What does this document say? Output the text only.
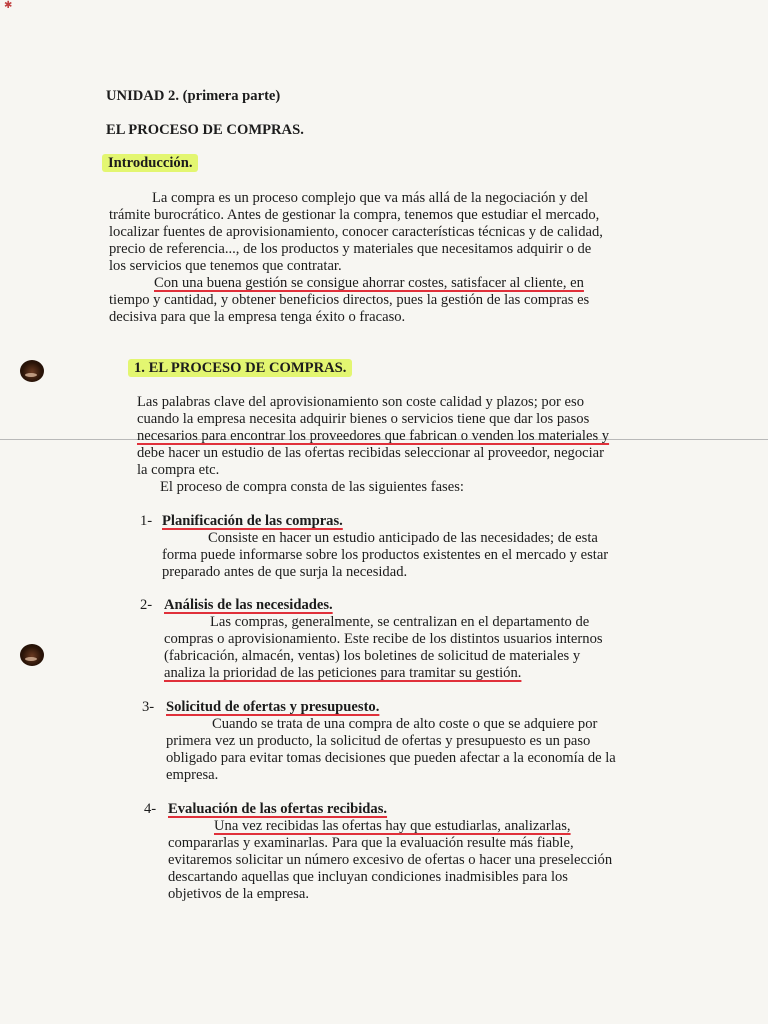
✱

UNIDAD 2. (primera parte)

EL PROCESO DE COMPRAS.

Introducción.

La compra es un proceso complejo que va más allá de la negociación y del

trámite burocrático. Antes de gestionar la compra, tenemos que estudiar el mercado,

localizar fuentes de aprovisionamiento, conocer características técnicas y de calidad,

precio de referencia..., de los productos y materiales que necesitamos adquirir o de

los servicios que tenemos que contratar.

Con una buena gestión se consigue ahorrar costes, satisfacer al cliente, en

tiempo y cantidad, y obtener beneficios directos, pues la gestión de las compras es

decisiva para que la empresa tenga éxito o fracaso.

1. EL PROCESO DE COMPRAS.

Las palabras clave del aprovisionamiento son coste calidad y plazos; por eso

cuando la empresa necesita adquirir bienes o servicios tiene que dar los pasos

necesarios para encontrar los proveedores que fabrican o venden los materiales y

debe hacer un estudio de las ofertas recibidas seleccionar al proveedor, negociar

la compra etc.

El proceso de compra consta de las siguientes fases:

1- Planificación de las compras.

Consiste en hacer un estudio anticipado de las necesidades; de esta

forma puede informarse sobre los productos existentes en el mercado y estar

preparado antes de que surja la necesidad.

2- Análisis de las necesidades.

Las compras, generalmente, se centralizan en el departamento de

compras o aprovisionamiento. Este recibe de los distintos usuarios internos

(fabricación, almacén, ventas) los boletines de solicitud de materiales y

analiza la prioridad de las peticiones para tramitar su gestión.

3- Solicitud de ofertas y presupuesto.

Cuando se trata de una compra de alto coste o que se adquiere por

primera vez un producto, la solicitud de ofertas y presupuesto es un paso

obligado para evitar tomas decisiones que pueden afectar a la economía de la

empresa.

4- Evaluación de las ofertas recibidas.

Una vez recibidas las ofertas hay que estudiarlas, analizarlas,

compararlas y examinarlas. Para que la evaluación resulte más fiable,

evitaremos solicitar un número excesivo de ofertas o hacer una preselección

descartando aquellas que incluyan condiciones inadmisibles para los

objetivos de la empresa.
